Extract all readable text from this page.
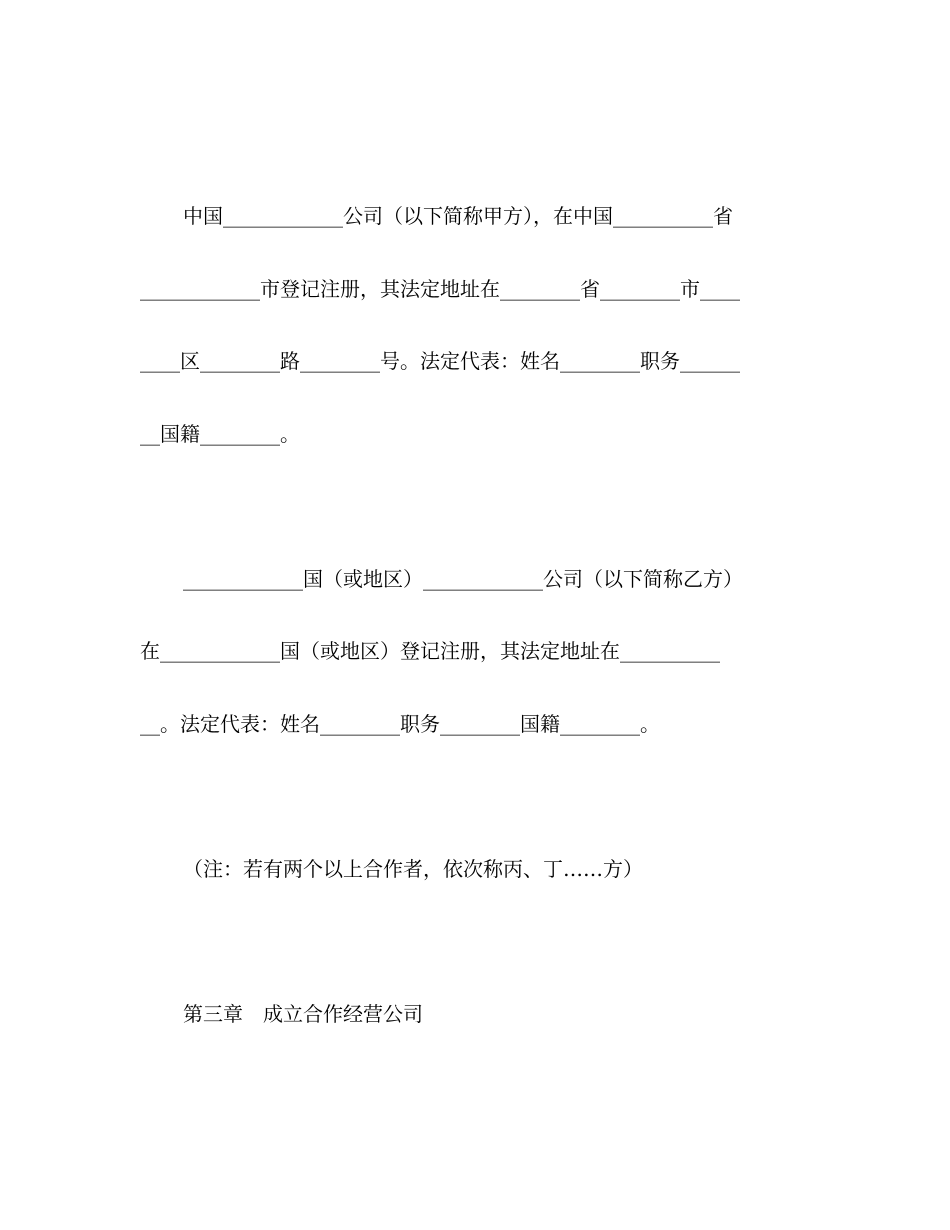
中国____________公司（以下简称甲方），在中国__________省
____________市登记注册，其法定地址在________省________市____
____区________路________号。法定代表：姓名________职务______
__国籍________。
____________国（或地区）____________公司（以下简称乙方）
在____________国（或地区）登记注册，其法定地址在__________
__。法定代表：姓名________职务________国籍________。
（注：若有两个以上合作者，依次称丙、丁……方）
第三章　成立合作经营公司
